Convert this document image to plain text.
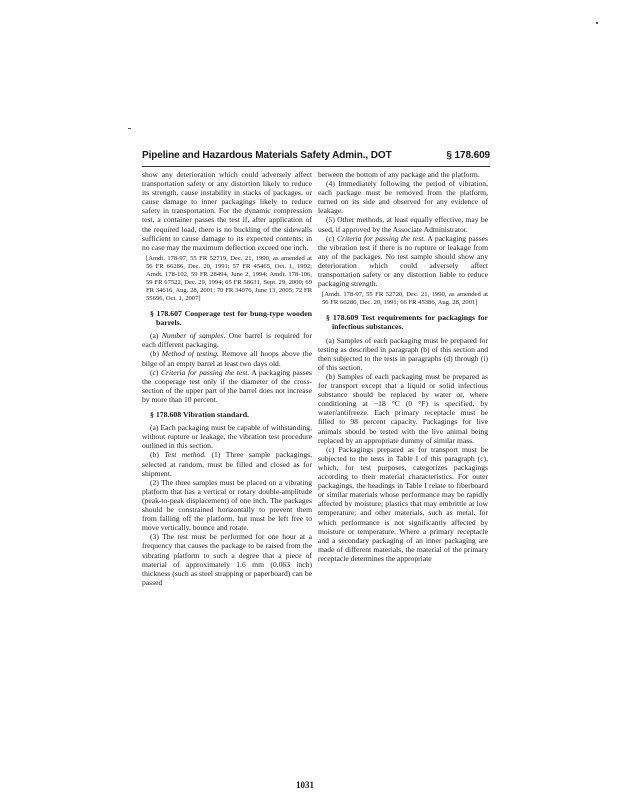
Pipeline and Hazardous Materials Safety Admin., DOT	§ 178.609

show any deterioration which could adversely affect transportation safety or any distortion likely to reduce its strength, cause instability in stacks of packages, or cause damage to inner packagings likely to reduce safety in transportation. For the dynamic compression test, a container passes the test if, after application of the required load, there is no buckling of the sidewalls sufficient to cause damage to its expected contents; in no case may the maximum deflection exceed one inch.

[Amdt. 178-97, 55 FR 52719, Dec. 21, 1990, as amended at 56 FR 66286, Dec. 20, 1991; 57 FR 45465, Oct. 1, 1992; Amdt. 178-102, 59 FR 28494, June 2, 1994; Amdt. 178-106, 59 FR 67522, Dec. 29, 1994; 65 FR 58631, Sept. 29, 2000; 69 FR 34616, Aug. 28, 2001; 70 FR 34076, June 13, 2005; 72 FR 55696, Oct. 1, 2007]

§ 178.607 Cooperage test for bung-type wooden barrels.

(a) Number of samples. One barrel is required for each different packaging.

(b) Method of testing. Remove all hoops above the bilge of an empty barrel at least two days old.

(c) Criteria for passing the test. A packaging passes the cooperage test only if the diameter of the cross-section of the upper part of the barrel does not increase by more than 10 percent.

§ 178.608 Vibration standard.

(a) Each packaging must be capable of withstanding, without rupture or leakage, the vibration test procedure outlined in this section.

(b) Test method. (1) Three sample packagings, selected at random, must be filled and closed as for shipment.

(2) The three samples must be placed on a vibrating platform that has a vertical or rotary double-amplitude (peak-to-peak displacement) of one inch. The packages should be constrained horizontally to prevent them from falling off the platform, but must be left free to move vertically, bounce and rotate.

(3) The test must be performed for one hour at a frequency that causes the package to be raised from the vibrating platform to such a degree that a piece of material of approximately 1.6 mm (0.063 inch) thickness (such as steel strapping or paperboard) can be passed

between the bottom of any package and the platform.

(4) Immediately following the period of vibration, each package must be removed from the platform, turned on its side and observed for any evidence of leakage.

(5) Other methods, at least equally effective, may be used, if approved by the Associate Administrator.

(c) Criteria for passing the test. A packaging passes the vibration test if there is no rupture or leakage from any of the packages. No test sample should show any deterioration which could adversely affect transportation safety or any distortion liable to reduce packaging strength.

[Amdt. 178-97, 55 FR 52720, Dec. 21, 1990, as amended at 56 FR 66286, Dec. 20, 1991; 66 FR 45386, Aug. 28, 2001]

§ 178.609 Test requirements for packagings for infectious substances.

(a) Samples of each packaging must be prepared for testing as described in paragraph (b) of this section and then subjected to the tests in paragraphs (d) through (i) of this section.

(b) Samples of each packaging must be prepared as for transport except that a liquid or solid infectious substance should be replaced by water or, where conditioning at −18 °C (0 °F) is specified, by water/antifreeze. Each primary receptacle must be filled to 98 percent capacity. Packagings for live animals should be tested with the live animal being replaced by an appropriate dummy of similar mass.

(c) Packagings prepared as for transport must be subjected to the tests in Table I of this paragraph (c), which, for test purposes, categorizes packagings according to their material characteristics. For outer packagings, the headings in Table I relate to fiberboard or similar materials whose performance may be rapidly affected by moisture; plastics that may embrittle at low temperature; and other materials, such as metal, for which performance is not significantly affected by moisture or temperature. Where a primary receptacle and a secondary packaging of an inner packaging are made of different materials, the material of the primary receptacle determines the appropriate

1031
